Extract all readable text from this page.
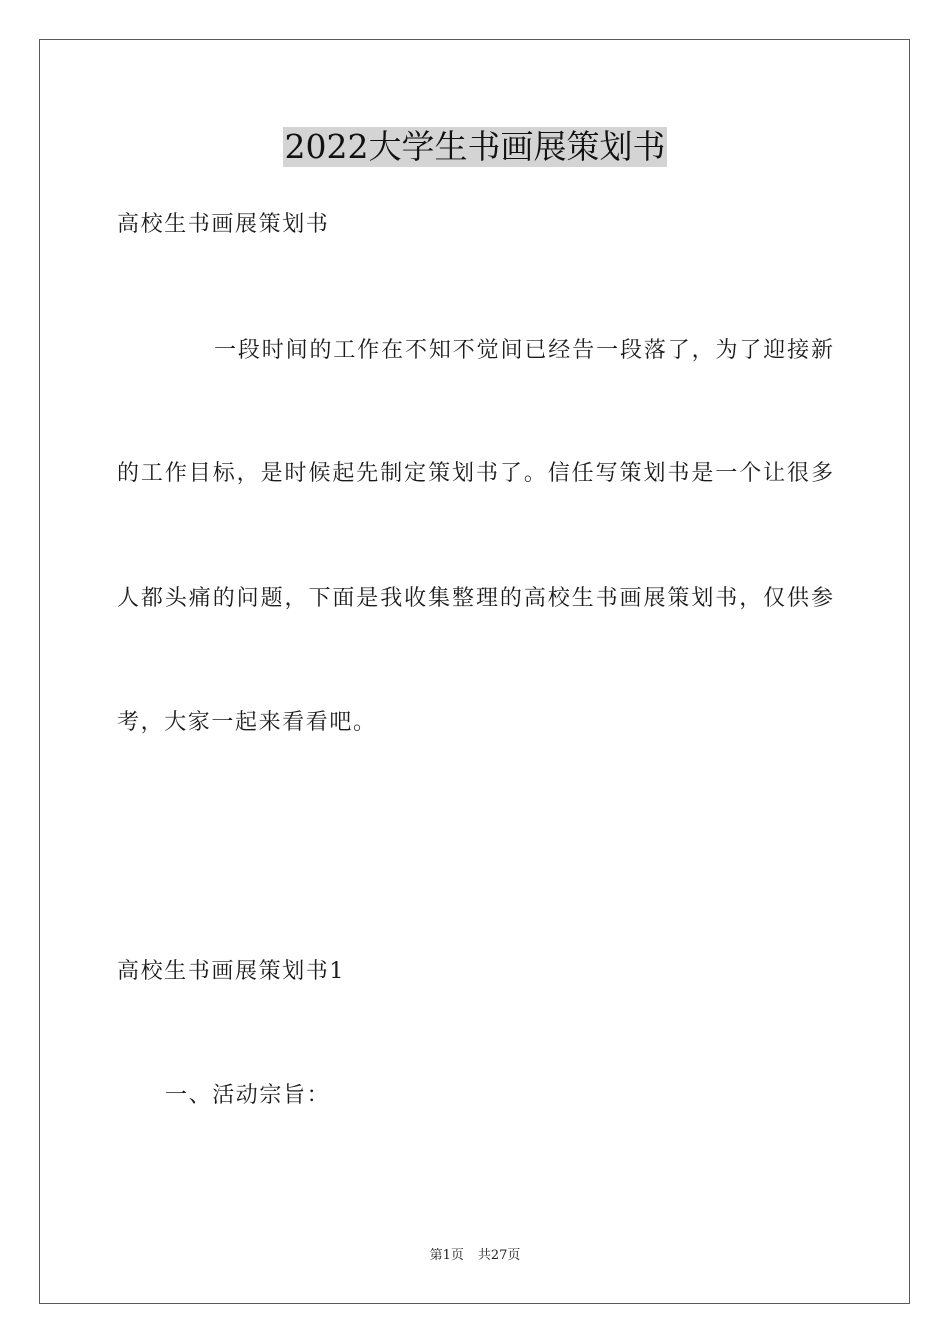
2022大学生书画展策划书
高校生书画展策划书
一段时间的工作在不知不觉间已经告一段落了，为了迎接新
的工作目标，是时候起先制定策划书了。信任写策划书是一个让很多
人都头痛的问题，下面是我收集整理的高校生书画展策划书，仅供参
考，大家一起来看看吧。
高校生书画展策划书1
一、活动宗旨：
第1页 共27页
